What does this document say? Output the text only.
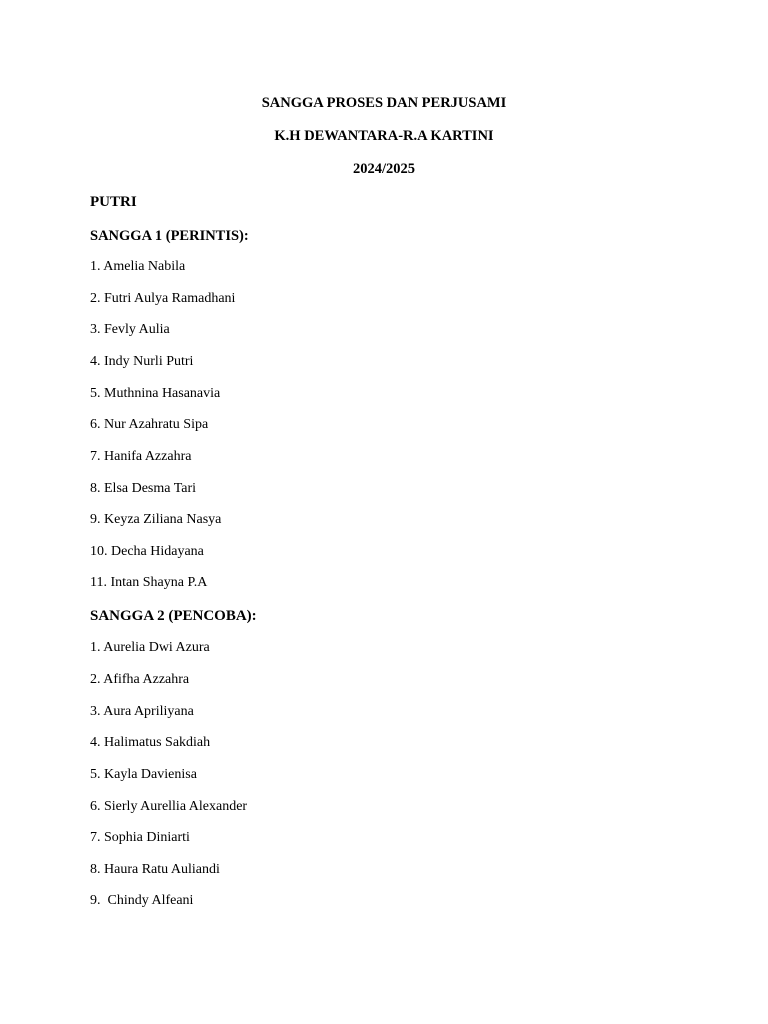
SANGGA PROSES DAN PERJUSAMI
K.H DEWANTARA-R.A KARTINI
2024/2025
PUTRI
SANGGA 1 (PERINTIS):
1. Amelia Nabila
2. Futri Aulya Ramadhani
3. Fevly Aulia
4. Indy Nurli Putri
5. Muthnina Hasanavia
6. Nur Azahratu Sipa
7. Hanifa Azzahra
8. Elsa Desma Tari
9. Keyza Ziliana Nasya
10. Decha Hidayana
11. Intan Shayna P.A
SANGGA 2 (PENCOBA):
1. Aurelia Dwi Azura
2. Afifha Azzahra
3. Aura Apriliyana
4. Halimatus Sakdiah
5. Kayla Davienisa
6. Sierly Aurellia Alexander
7. Sophia Diniarti
8. Haura Ratu Auliandi
9.  Chindy Alfeani
